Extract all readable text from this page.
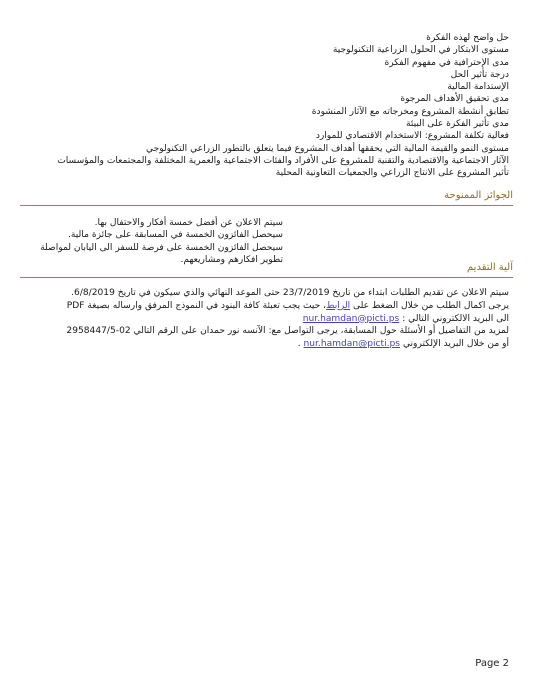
حل واضح لهذه الفكرة
مستوى الابتكار في الحلول الزراعية التكنولوجية
مدى الإحترافية في مفهوم الفكرة
درجة تأثير الحل
الإستدامة المالية
مدى تحقيق الأهداف المرجوة
تطابق أنشطة المشروع ومخرجاته مع الآثار المنشودة
مدى تأثير الفكرة على البيئة
فعالية تكلفة المشروع: الاستخدام الاقتصادي للموارد
مستوى النمو والقيمة المالية التي يحققها أهداف المشروع فيما يتعلق بالتطور الزراعي التكنولوجي
الآثار الاجتماعية والاقتصادية والتقنية للمشروع على الأفراد والفئات الاجتماعية والعمرية المختلفة والمجتمعات والمؤسسات
تأثير المشروع على الانتاج الزراعي والجمعيات التعاونية المحلية
الجوائز الممنوحة

سيتم الاعلان عن أفضل خمسة أفكار والاحتفال بها.

سيحصل الفائزون الخمسة في المسابقة على جائزة مالية.

سيحصل الفائزون الخمسة على فرصة للسفر الى اليابان لمواصلة تطوير افكارهم ومشاريعهم.

آلية التقديم

سيتم الاعلان عن تقديم الطلبات ابتداء من تاريخ 23/7/2019 حتى الموعد النهائي والذي سيكون في تاريخ 6/8/2019.

يرجى اكمال الطلب من خلال الضغط على الرابط، حيث يجب تعبئة كافة البنود في النموذج المرفق وارساله بصيغة PDF

الى البريد الالكتروني التالي : nur.hamdan@picti.ps

لمزيد من التفاصيل أو الأسئلة حول المسابقة، يرجى التواصل مع: الآنسه نور حمدان على الرقم التالي 02-2958447/5

أو من خلال البريد الإلكتروني nur.hamdan@picti.ps .

Page 2
